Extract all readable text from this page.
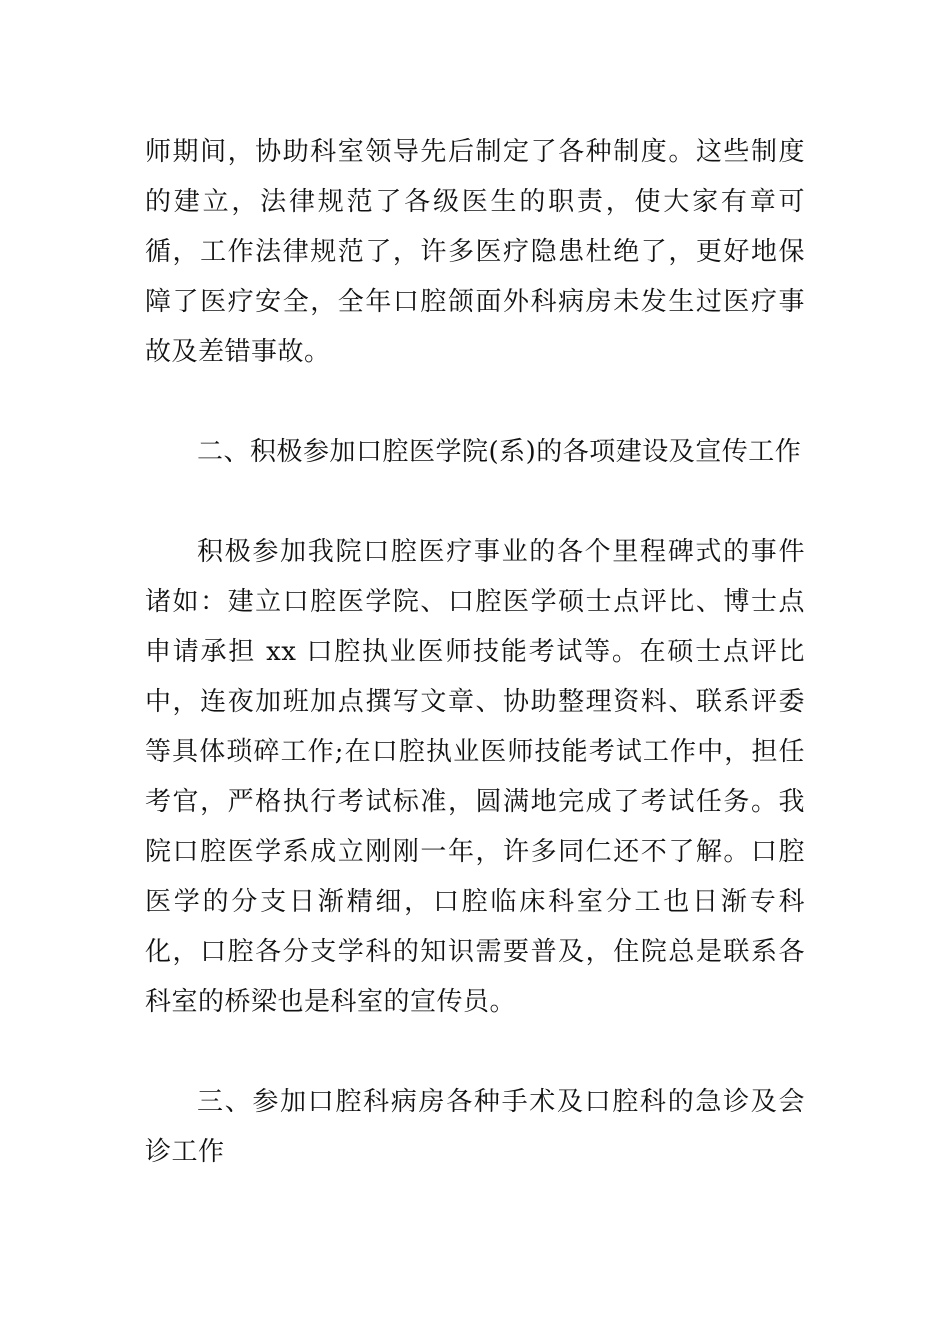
师期间，协助科室领导先后制定了各种制度。这些制度的建立，法律规范了各级医生的职责，使大家有章可循，工作法律规范了，许多医疗隐患杜绝了，更好地保障了医疗安全，全年口腔颌面外科病房未发生过医疗事故及差错事故。

二、积极参加口腔医学院(系)的各项建设及宣传工作

积极参加我院口腔医疗事业的各个里程碑式的事件诸如：建立口腔医学院、口腔医学硕士点评比、博士点申请承担 xx 口腔执业医师技能考试等。在硕士点评比中，连夜加班加点撰写文章、协助整理资料、联系评委等具体琐碎工作;在口腔执业医师技能考试工作中，担任考官，严格执行考试标准，圆满地完成了考试任务。我院口腔医学系成立刚刚一年，许多同仁还不了解。口腔医学的分支日渐精细，口腔临床科室分工也日渐专科化，口腔各分支学科的知识需要普及，住院总是联系各科室的桥梁也是科室的宣传员。

三、参加口腔科病房各种手术及口腔科的急诊及会诊工作
